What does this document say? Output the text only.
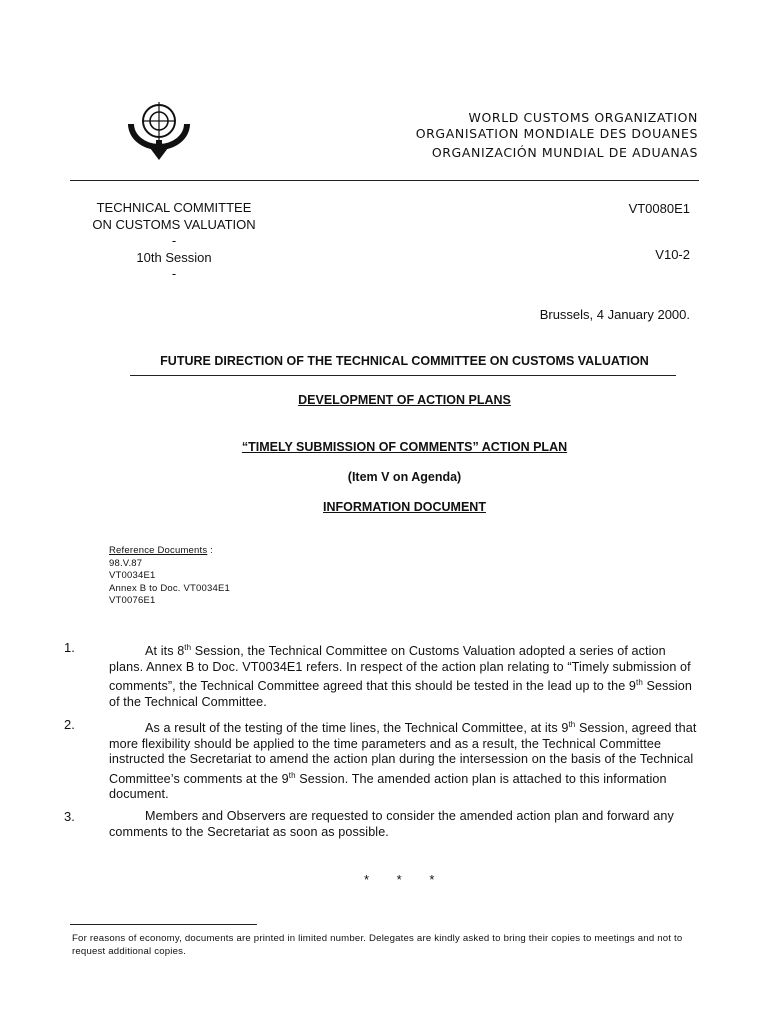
WORLD CUSTOMS ORGANIZATION
ORGANISATION MONDIALE DES DOUANES
ORGANIZACIÓN MUNDIAL DE ADUANAS
TECHNICAL COMMITTEE
ON CUSTOMS VALUATION
-
10th Session
-
VT0080E1
V10-2
Brussels, 4 January 2000.
FUTURE DIRECTION OF THE TECHNICAL COMMITTEE ON CUSTOMS VALUATION
DEVELOPMENT OF ACTION PLANS
“TIMELY SUBMISSION OF COMMENTS” ACTION PLAN
(Item V on Agenda)
INFORMATION DOCUMENT
Reference Documents :
98.V.87
VT0034E1
Annex B to Doc. VT0034E1
VT0076E1
1.	At its 8th Session, the Technical Committee on Customs Valuation adopted a series of action plans. Annex B to Doc. VT0034E1 refers. In respect of the action plan relating to “Timely submission of comments”, the Technical Committee agreed that this should be tested in the lead up to the 9th Session of the Technical Committee.
2.	As a result of the testing of the time lines, the Technical Committee, at its 9th Session, agreed that more flexibility should be applied to the time parameters and as a result, the Technical Committee instructed the Secretariat to amend the action plan during the intersession on the basis of the Technical Committee’s comments at the 9th Session. The amended action plan is attached to this information document.
3.	Members and Observers are requested to consider the amended action plan and forward any comments to the Secretariat as soon as possible.
* * *
For reasons of economy, documents are printed in limited number. Delegates are kindly asked to bring their copies to meetings and not to request additional copies.
